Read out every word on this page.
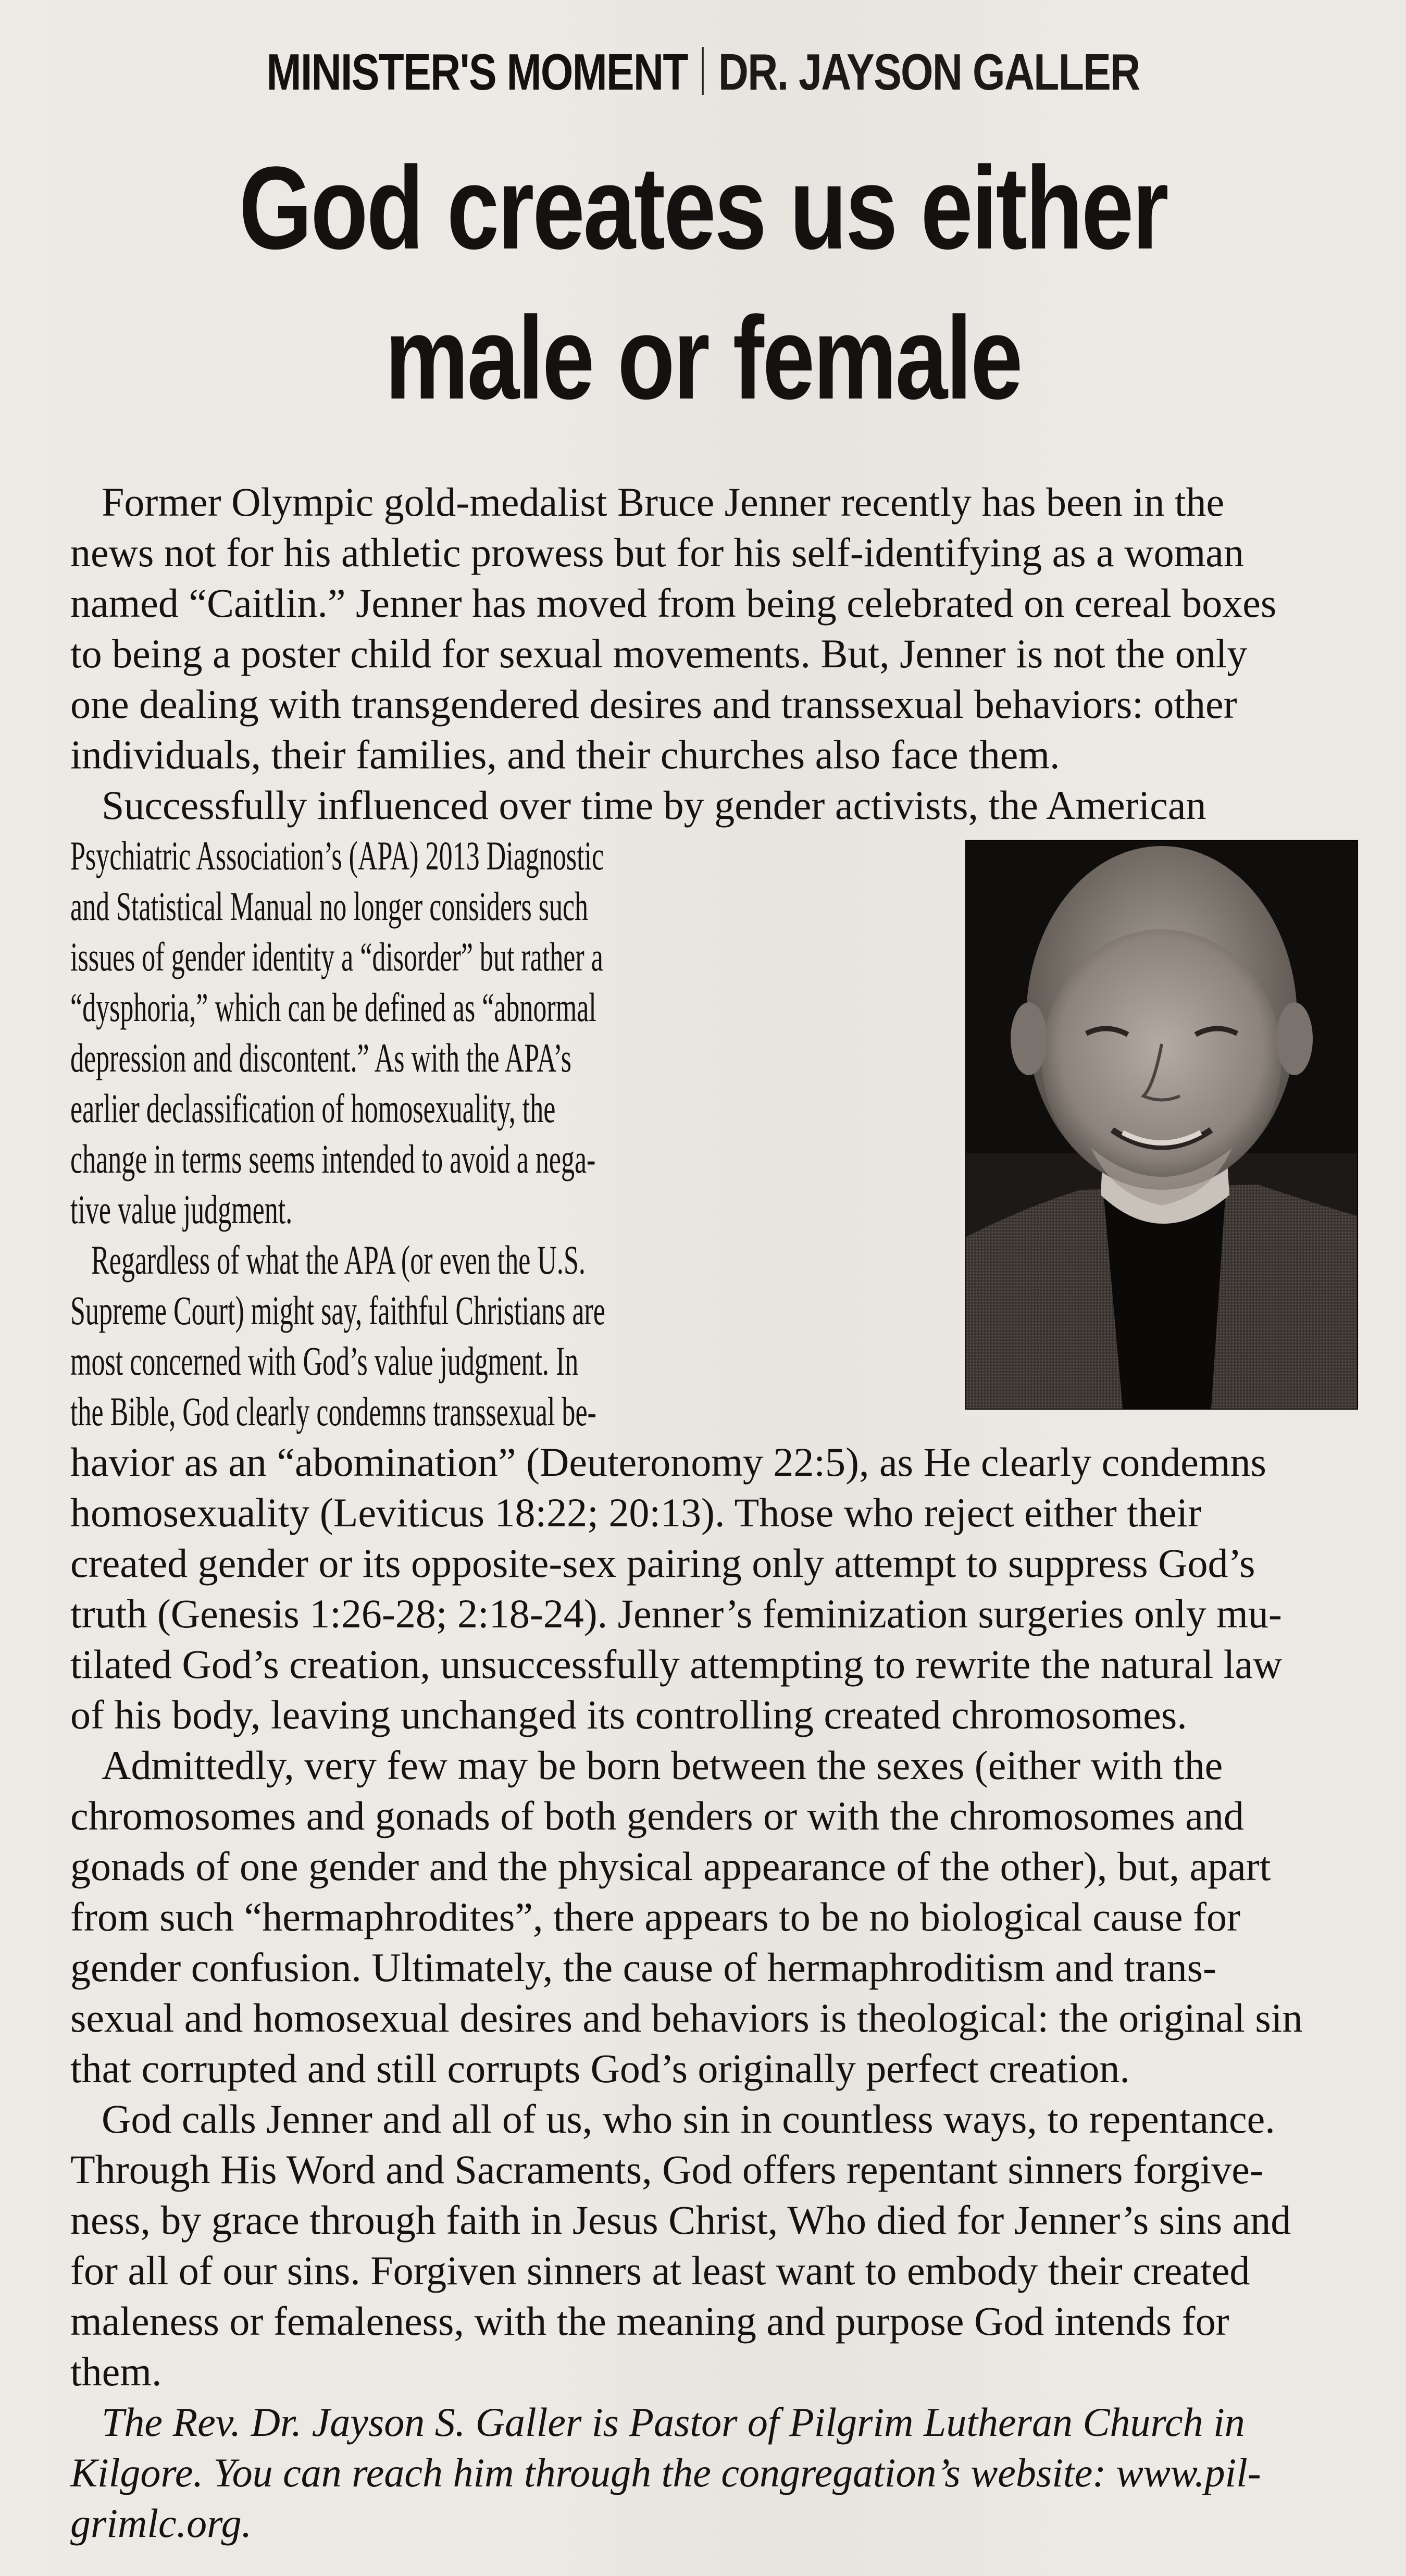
MINISTER'S MOMENT DR. JAYSON GALLER
God creates us either
male or female
Former Olympic gold-medalist Bruce Jenner recently has been in the
news not for his athletic prowess but for his self-identifying as a woman
named “Caitlin.” Jenner has moved from being celebrated on cereal boxes
to being a poster child for sexual movements. But, Jenner is not the only
one dealing with transgendered desires and transsexual behaviors: other
individuals, their families, and their churches also face them.
Successfully influenced over time by gender activists, the American
Psychiatric Association’s (APA) 2013 Diagnostic
and Statistical Manual no longer considers such
issues of gender identity a “disorder” but rather a
“dysphoria,” which can be defined as “abnormal
depression and discontent.” As with the APA’s
earlier declassification of homosexuality, the
change in terms seems intended to avoid a nega-
tive value judgment.
Regardless of what the APA (or even the U.S.
Supreme Court) might say, faithful Christians are
most concerned with God’s value judgment. In
the Bible, God clearly condemns transsexual be-
havior as an “abomination” (Deuteronomy 22:5), as He clearly condemns
homosexuality (Leviticus 18:22; 20:13). Those who reject either their
created gender or its opposite-sex pairing only attempt to suppress God’s
truth (Genesis 1:26-28; 2:18-24). Jenner’s feminization surgeries only mu-
tilated God’s creation, unsuccessfully attempting to rewrite the natural law
of his body, leaving unchanged its controlling created chromosomes.
Admittedly, very few may be born between the sexes (either with the
chromosomes and gonads of both genders or with the chromosomes and
gonads of one gender and the physical appearance of the other), but, apart
from such “hermaphrodites”, there appears to be no biological cause for
gender confusion. Ultimately, the cause of hermaphroditism and trans-
sexual and homosexual desires and behaviors is theological: the original sin
that corrupted and still corrupts God’s originally perfect creation.
God calls Jenner and all of us, who sin in countless ways, to repentance.
Through His Word and Sacraments, God offers repentant sinners forgive-
ness, by grace through faith in Jesus Christ, Who died for Jenner’s sins and
for all of our sins. Forgiven sinners at least want to embody their created
maleness or femaleness, with the meaning and purpose God intends for
them.
The Rev. Dr. Jayson S. Galler is Pastor of Pilgrim Lutheran Church in
Kilgore. You can reach him through the congregation’s website: www.pil-
grimlc.org.
